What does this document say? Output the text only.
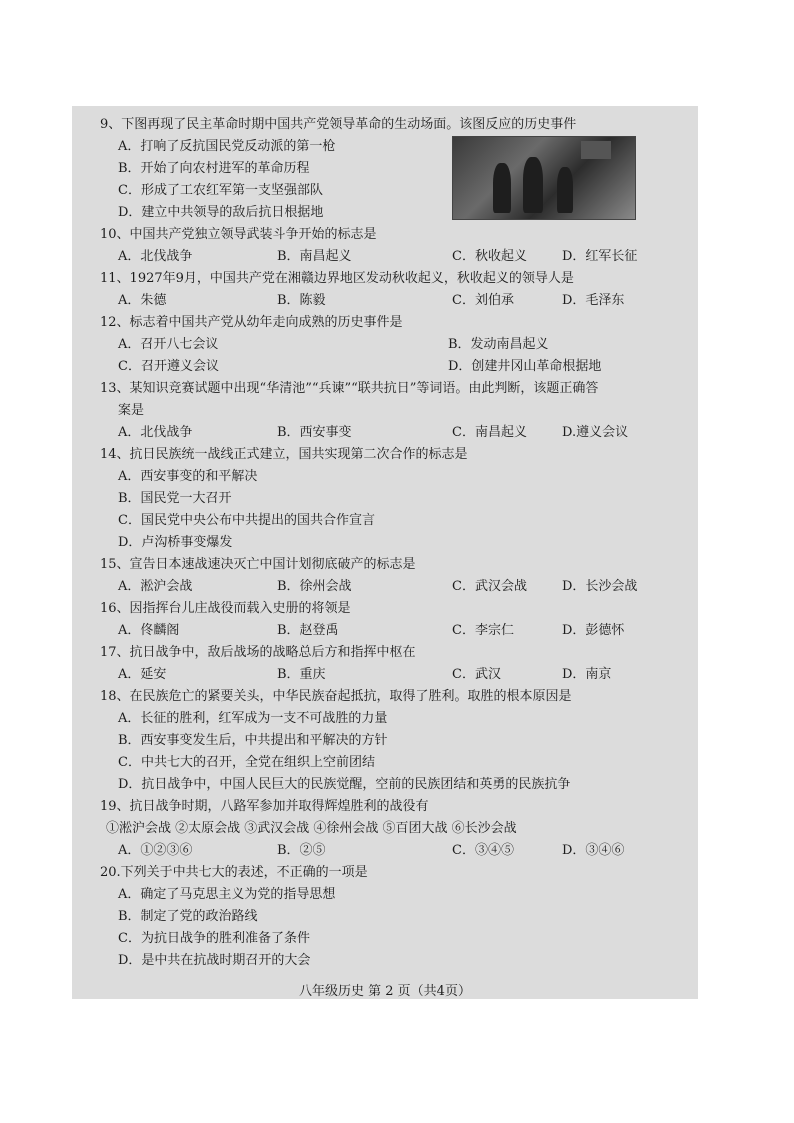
9、下图再现了民主革命时期中国共产党领导革命的生动场面。该图反应的历史事件
A．打响了反抗国民党反动派的第一枪
B．开始了向农村进军的革命历程
C．形成了工农红军第一支坚强部队
D．建立中共领导的敌后抗日根据地
10、中国共产党独立领导武装斗争开始的标志是
A．北伐战争	B．南昌起义	C．秋收起义	D．红军长征
11、1927年9月，中国共产党在湘赣边界地区发动秋收起义，秋收起义的领导人是
A．朱德	B．陈毅	C．刘伯承	D．毛泽东
12、标志着中国共产党从幼年走向成熟的历史事件是
A．召开八七会议	B．发动南昌起义
C．召开遵义会议	D．创建井冈山革命根据地
13、某知识竞赛试题中出现“华清池”“兵谏”“联共抗日”等词语。由此判断，该题正确答
案是
A．北伐战争	B．西安事变	C．南昌起义	D.遵义会议
14、抗日民族统一战线正式建立，国共实现第二次合作的标志是
A．西安事变的和平解决
B．国民党一大召开
C．国民党中央公布中共提出的国共合作宣言
D．卢沟桥事变爆发
15、宣告日本速战速决灭亡中国计划彻底破产的标志是
A．淞沪会战	B．徐州会战	C．武汉会战	D．长沙会战
16、因指挥台儿庄战役而载入史册的将领是
A．佟麟阁	B．赵登禹	C．李宗仁	D．彭德怀
17、抗日战争中，敌后战场的战略总后方和指挥中枢在
A．延安	B．重庆	C．武汉	D．南京
18、在民族危亡的紧要关头，中华民族奋起抵抗，取得了胜利。取胜的根本原因是
A．长征的胜利，红军成为一支不可战胜的力量
B．西安事变发生后，中共提出和平解决的方针
C．中共七大的召开，全党在组织上空前团结
D．抗日战争中，中国人民巨大的民族觉醒，空前的民族团结和英勇的民族抗争
19、抗日战争时期，八路军参加并取得辉煌胜利的战役有
①淞沪会战 ②太原会战 ③武汉会战 ④徐州会战 ⑤百团大战 ⑥长沙会战
A．①②③⑥	B．②⑤	C．③④⑤	D．③④⑥
20.下列关于中共七大的表述，不正确的一项是
A．确定了马克思主义为党的指导思想
B．制定了党的政治路线
C．为抗日战争的胜利准备了条件
D．是中共在抗战时期召开的大会
八年级历史 第 2 页（共4页）
